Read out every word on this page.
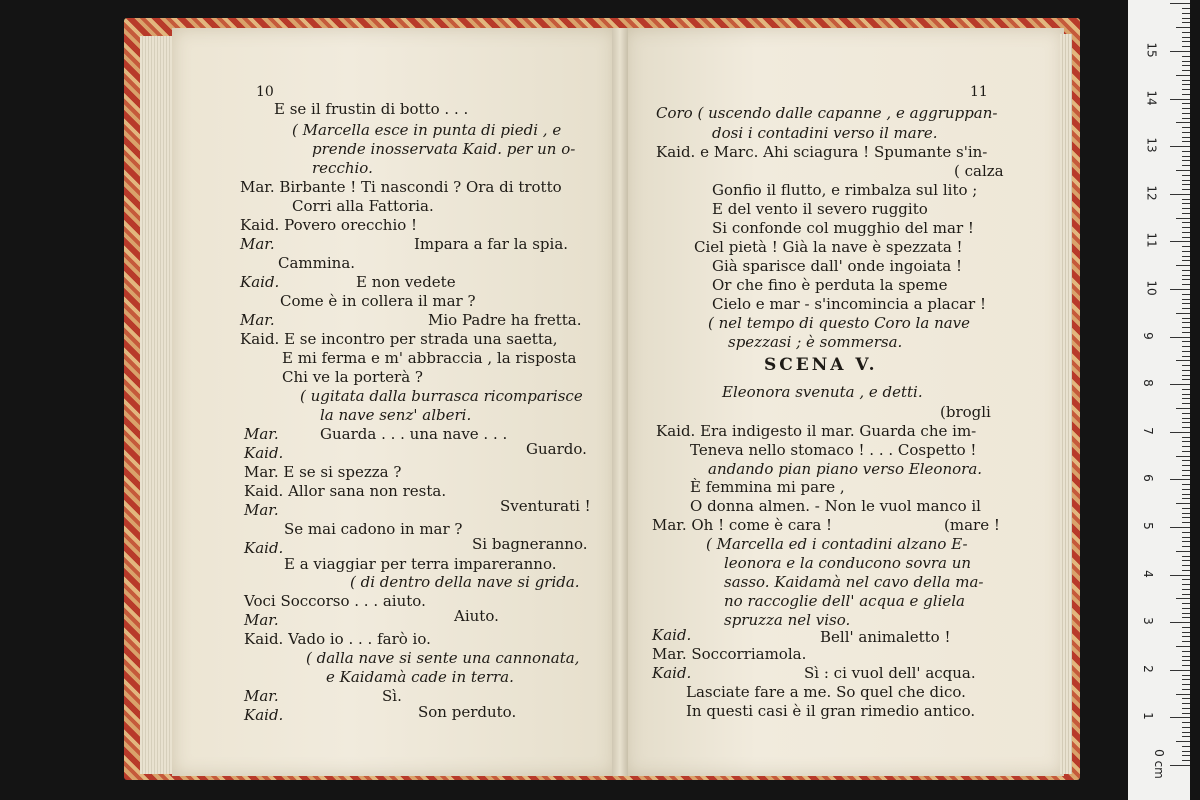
10	11
E se il frustin di botto . . .
( Marcella esce in punta di piedi , e
prende inosservata Kaid. per un o-
recchio.
Mar. Birbante ! Ti nascondi ? Ora di trotto
Corri alla Fattoria.
Kaid. Povero orecchio !
Mar.	Impara a far la spia.
Cammina.
Kaid.	E non vedete
Come è in collera il mar ?
Mar.	Mio Padre ha fretta.
Kaid. E se incontro per strada una saetta,
E mi ferma e m' abbraccia , la risposta
Chi ve la porterà ?
( ugitata dalla burrasca ricomparisce
la nave senz' alberi.
Mar.	Guarda . . . una nave . . .
Kaid.	Guardo.
Mar. E se si spezza ?
Kaid. Allor sana non resta.
Mar.	Sventurati !
Se mai cadono in mar ?
Kaid.	Si bagneranno.
E a viaggiar per terra impareranno.
( di dentro della nave si grida.
Voci Soccorso . . . aiuto.
Mar.	Aiuto.
Kaid. Vado io . . . farò io.
( dalla nave si sente una cannonata,
e Kaidamà cade in terra.
Mar.	Sì.
Kaid.	Son perduto.
Coro ( uscendo dalle capanne , e aggruppan-
dosi i contadini verso il mare.
Kaid. e Marc. Ahi sciagura ! Spumante s'in-
( calza
Gonfio il flutto, e rimbalza sul lito ;
E del vento il severo ruggito
Si confonde col mugghio del mar !
Ciel pietà ! Già la nave è spezzata !
Già sparisce dall' onde ingoiata !
Or che fino è perduta la speme
Cielo e mar - s'incomincia a placar !
( nel tempo di questo Coro la nave
spezzasi ; è sommersa.
SCENA V.
Eleonora svenuta , e detti.
(brogli
Kaid. Era indigesto il mar. Guarda che im-
Teneva nello stomaco ! . . . Cospetto !
andando pian piano verso Eleonora.
È femmina mi pare ,
O donna almen. - Non le vuol manco il
Mar. Oh ! come è cara !	(mare !
( Marcella ed i contadini alzano E-
leonora e la conducono sovra un
sasso. Kaidamà nel cavo della ma-
no raccoglie dell' acqua e gliela
spruzza nel viso.
Kaid.	Bell' animaletto !
Mar. Soccorriamola.
Kaid.	Sì : ci vuol dell' acqua.
Lasciate fare a me. So quel che dico.
In questi casi è il gran rimedio antico.
0 cm
1
2
3
4
5
6
7
8
9
10
11
12
13
14
15
